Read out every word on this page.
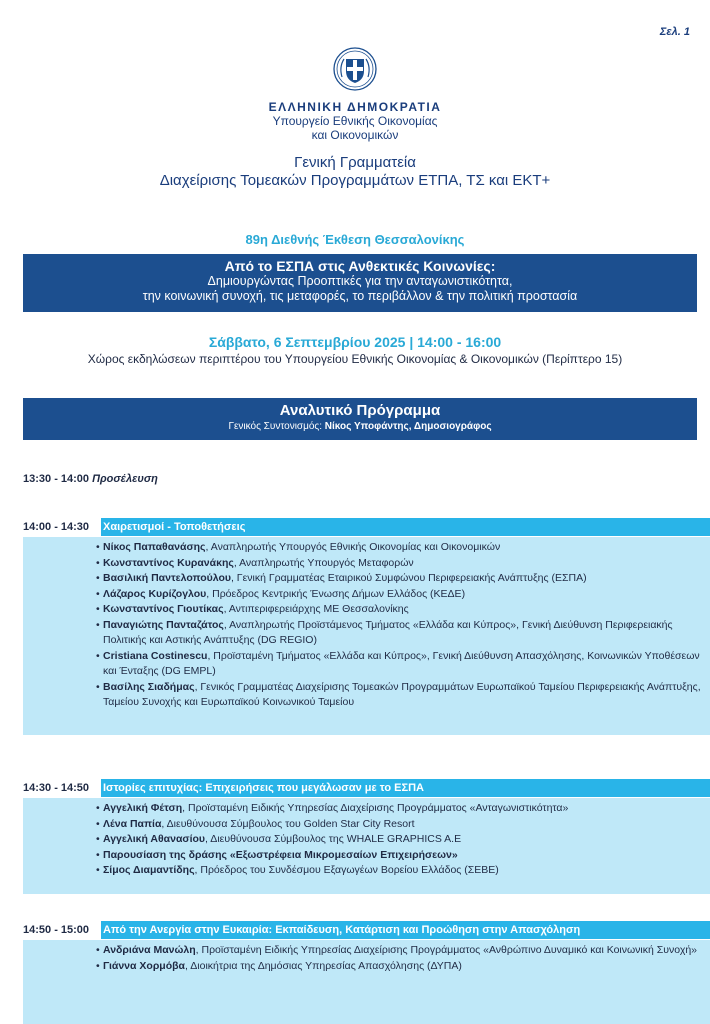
Σελ. 1
ΕΛΛΗΝΙΚΗ ΔΗΜΟΚΡΑΤΙΑ
Υπουργείο Εθνικής Οικονομίας
και Οικονομικών
Γενική Γραμματεία
Διαχείρισης Τομεακών Προγραμμάτων ΕΤΠΑ, ΤΣ και ΕΚΤ+
89η Διεθνής Έκθεση Θεσσαλονίκης
Από το ΕΣΠΑ στις Ανθεκτικές Κοινωνίες:
Δημιουργώντας Προοπτικές για την ανταγωνιστικότητα,
την κοινωνική συνοχή, τις μεταφορές, το περιβάλλον & την πολιτική προστασία
Σάββατο, 6 Σεπτεμβρίου 2025 | 14:00 - 16:00
Χώρος εκδηλώσεων περιπτέρου του Υπουργείου Εθνικής Οικονομίας & Οικονομικών (Περίπτερο 15)
Αναλυτικό Πρόγραμμα
Γενικός Συντονισμός: Νίκος Υποφάντης, Δημοσιογράφος
13:30 - 14:00 Προσέλευση
14:00 - 14:30 Χαιρετισμοί - Τοποθετήσεις
• Νίκος Παπαθανάσης, Αναπληρωτής Υπουργός Εθνικής Οικονομίας και Οικονομικών
• Κωνσταντίνος Κυρανάκης, Αναπληρωτής Υπουργός Μεταφορών
• Βασιλική Παντελοπούλου, Γενική Γραμματέας Εταιρικού Συμφώνου Περιφερειακής Ανάπτυξης (ΕΣΠΑ)
• Λάζαρος Κυρίζογλου, Πρόεδρος Κεντρικής Ένωσης Δήμων Ελλάδος (ΚΕΔΕ)
• Κωνσταντίνος Γιουτίκας, Αντιπεριφερειάρχης ΜΕ Θεσσαλονίκης
• Παναγιώτης Πανταζάτος, Αναπληρωτής Προϊστάμενος Τμήματος «Ελλάδα και Κύπρος», Γενική Διεύθυνση Περιφερειακής Πολιτικής και Αστικής Ανάπτυξης (DG REGIO)
• Cristiana Costinescu, Προϊσταμένη Τμήματος «Ελλάδα και Κύπρος», Γενική Διεύθυνση Απασχόλησης, Κοινωνικών Υποθέσεων και Ένταξης (DG EMPL)
• Βασίλης Σιαδήμας, Γενικός Γραμματέας Διαχείρισης Τομεακών Προγραμμάτων Ευρωπαϊκού Ταμείου Περιφερειακής Ανάπτυξης, Ταμείου Συνοχής και Ευρωπαϊκού Κοινωνικού Ταμείου
14:30 - 14:50 Ιστορίες επιτυχίας: Επιχειρήσεις που μεγάλωσαν με το ΕΣΠΑ
• Αγγελική Φέτση, Προϊσταμένη Ειδικής Υπηρεσίας Διαχείρισης Προγράμματος «Ανταγωνιστικότητα»
• Λένα Παπία, Διευθύνουσα Σύμβουλος του Golden Star City Resort
• Αγγελική Αθανασίου, Διευθύνουσα Σύμβουλος της WHALE GRAPHICS A.E
• Παρουσίαση της δράσης «Εξωστρέφεια Μικρομεσαίων Επιχειρήσεων»
• Σίμος Διαμαντίδης, Πρόεδρος του Συνδέσμου Εξαγωγέων Βορείου Ελλάδος (ΣΕΒΕ)
14:50 - 15:00 Από την Ανεργία στην Ευκαιρία: Εκπαίδευση, Κατάρτιση και Προώθηση στην Απασχόληση
• Ανδριάνα Μανώλη, Προϊσταμένη Ειδικής Υπηρεσίας Διαχείρισης Προγράμματος «Ανθρώπινο Δυναμικό και Κοινωνική Συνοχή»
• Γιάννα Χορμόβα, Διοικήτρια της Δημόσιας Υπηρεσίας Απασχόλησης (ΔΥΠΑ)
